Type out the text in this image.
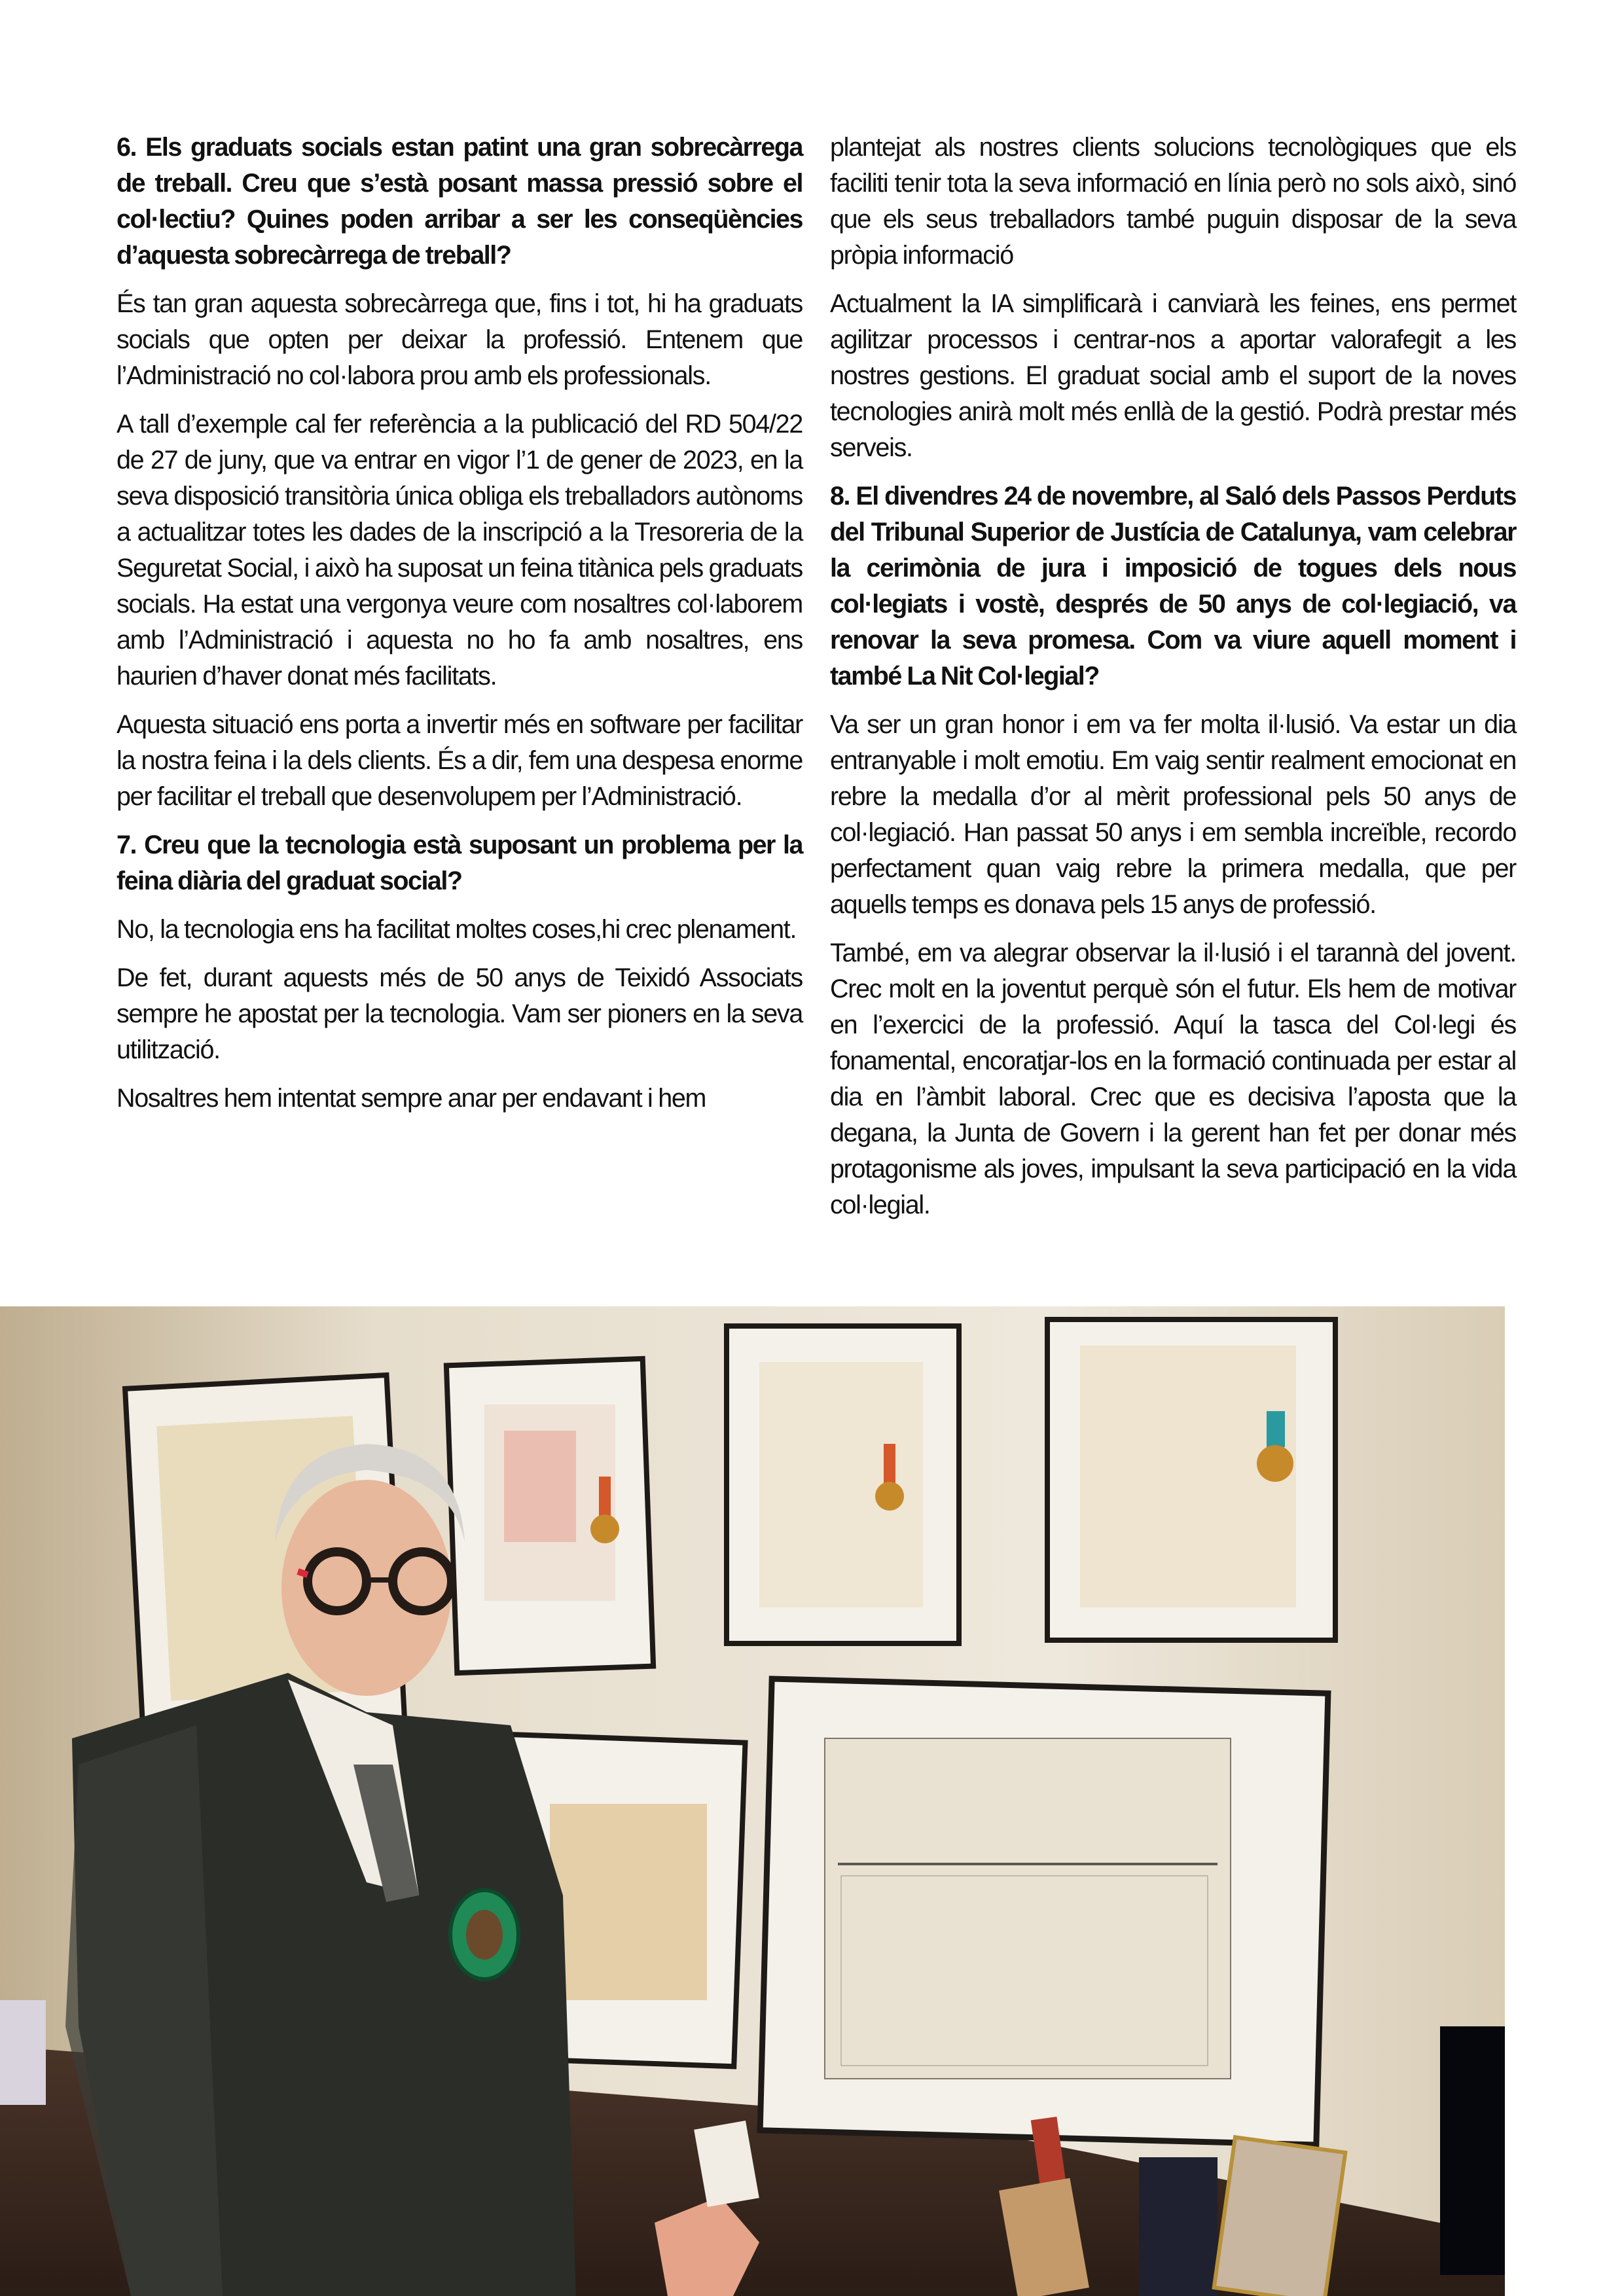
6. Els graduats socials estan patint una gran sobrecàrrega de treball. Creu que s’està posant massa pressió sobre el col·lectiu? Quines poden arribar a ser les conseqüències d’aquesta sobrecàrrega de treball?

És tan gran aquesta sobrecàrrega que, fins i tot, hi ha graduats socials que opten per deixar la professió. Entenem que l’Administració no col·labora prou amb els professionals.

A tall d’exemple cal fer referència a la publicació del RD 504/22 de 27 de juny, que va entrar en vigor l’1 de gener de 2023, en la seva disposició transitòria única obliga els treballadors autònoms a actualitzar totes les dades de la inscripció a la Tresoreria de la Seguretat Social, i això ha suposat un feina titànica pels graduats socials. Ha estat una vergonya veure com nosaltres col·laborem amb l’Administració i aquesta no ho fa amb nosaltres, ens haurien d’haver donat més facilitats.

Aquesta situació ens porta a invertir més en software per facilitar la nostra feina i la dels clients. És a dir, fem una despesa enorme per facilitar el treball que desenvolupem per l’Administració.

7. Creu que la tecnologia està suposant un problema per la feina diària del graduat social?

No, la tecnologia ens ha facilitat moltes coses,hi crec plenament.

De fet, durant aquests més de 50 anys de Teixidó Associats sempre he apostat per la tecnologia. Vam ser pioners en la seva utilització.

Nosaltres hem intentat sempre anar per endavant i hem

plantejat als nostres clients solucions tecnològiques que els faciliti tenir tota la seva informació en línia però no sols això, sinó que els seus treballadors també puguin disposar de la seva pròpia informació

Actualment la IA simplificarà i canviarà les feines, ens permet agilitzar processos i centrar-nos a aportar valorafegit a les nostres gestions. El graduat social amb el suport de la noves tecnologies anirà molt més enllà de la gestió. Podrà prestar més serveis.

8. El divendres 24 de novembre, al Saló dels Passos Perduts del Tribunal Superior de Justícia de Catalunya, vam celebrar la cerimònia de jura i imposició de togues dels nous col·legiats i vostè, després de 50 anys de col·legiació, va renovar la seva promesa. Com va viure aquell moment i també La Nit Col·legial?

Va ser un gran honor i em va fer molta il·lusió. Va estar un dia entranyable i molt emotiu. Em vaig sentir realment emocionat en rebre la medalla d’or al mèrit professional pels 50 anys de col·legiació. Han passat 50 anys i em sembla increïble, recordo perfectament quan vaig rebre la primera medalla, que per aquells temps es donava pels 15 anys de professió.

També, em va alegrar observar la il·lusió i el tarannà del jovent. Crec molt en la joventut perquè són el futur. Els hem de motivar en l’exercici de la professió. Aquí la tasca del Col·legi és fonamental, encoratjar-los en la formació continuada per estar al dia en l’àmbit laboral. Crec que es decisiva l’aposta que la degana, la Junta de Govern i la gerent han fet per donar més protagonisme als joves, impulsant la seva participació en la vida col·legial.
